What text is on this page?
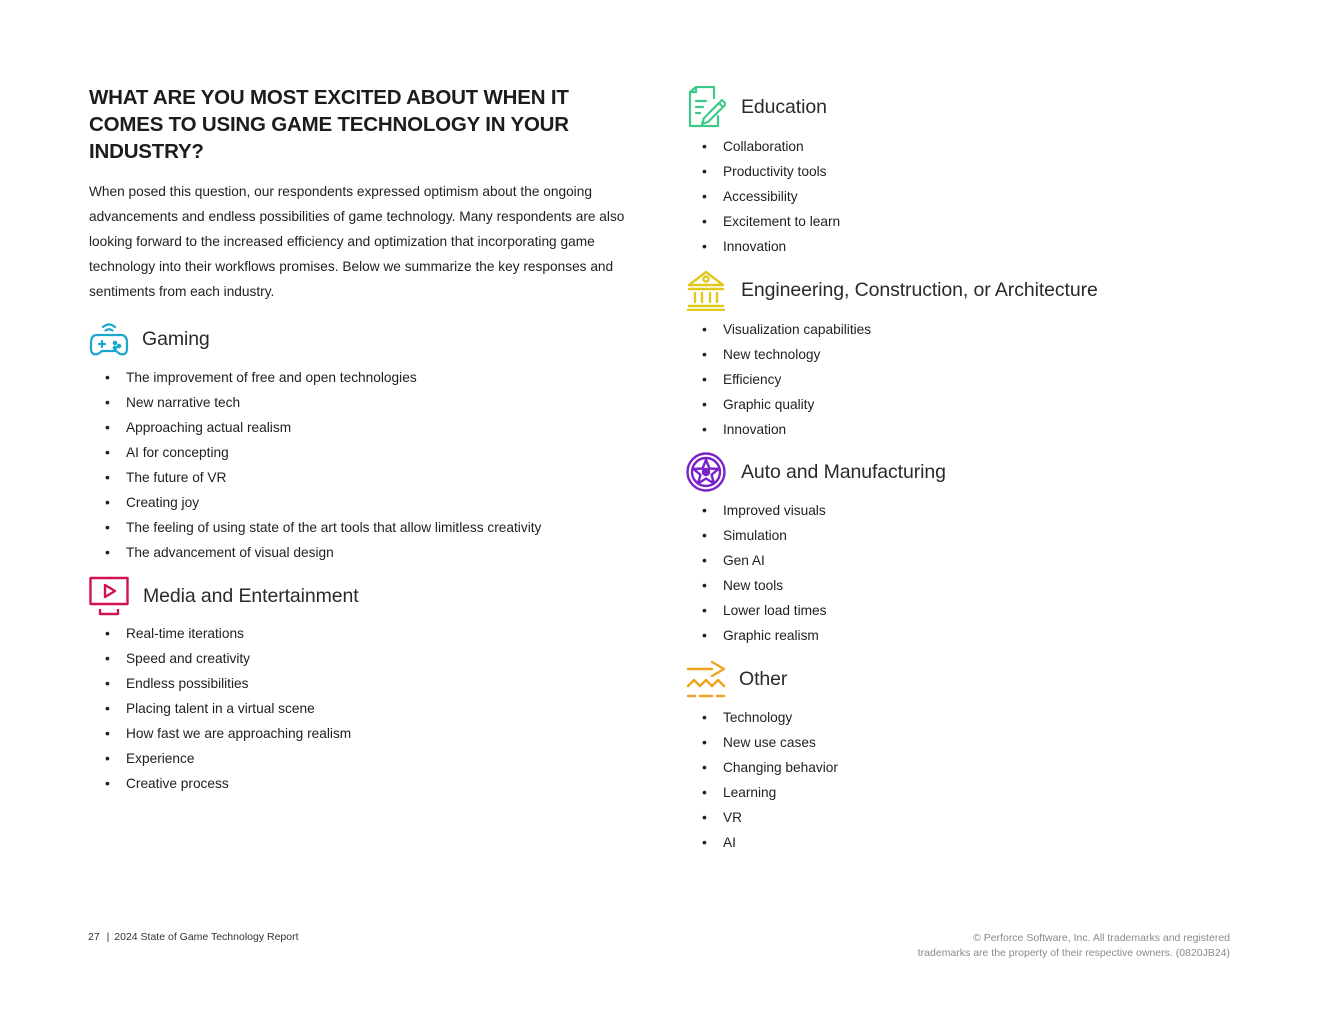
WHAT ARE YOU MOST EXCITED ABOUT WHEN IT COMES TO USING GAME TECHNOLOGY IN YOUR INDUSTRY?

When posed this question, our respondents expressed optimism about the ongoing advancements and endless possibilities of game technology. Many respondents are also looking forward to the increased efficiency and optimization that incorporating game technology into their workflows promises. Below we summarize the key responses and sentiments from each industry.

Gaming
• The improvement of free and open technologies
• New narrative tech
• Approaching actual realism
• AI for concepting
• The future of VR
• Creating joy
• The feeling of using state of the art tools that allow limitless creativity
• The advancement of visual design
Media and Entertainment
• Real-time iterations
• Speed and creativity
• Endless possibilities
• Placing talent in a virtual scene
• How fast we are approaching realism
• Experience
• Creative process
Education
• Collaboration
• Productivity tools
• Accessibility
• Excitement to learn
• Innovation
Engineering, Construction, or Architecture
• Visualization capabilities
• New technology
• Efficiency
• Graphic quality
• Innovation
Auto and Manufacturing
• Improved visuals
• Simulation
• Gen AI
• New tools
• Lower load times
• Graphic realism
Other
• Technology
• New use cases
• Changing behavior
• Learning
• VR
• AI
27 | 2024 State of Game Technology Report	© Perforce Software, Inc. All trademarks and registered
trademarks are the property of their respective owners. (0820JB24)
